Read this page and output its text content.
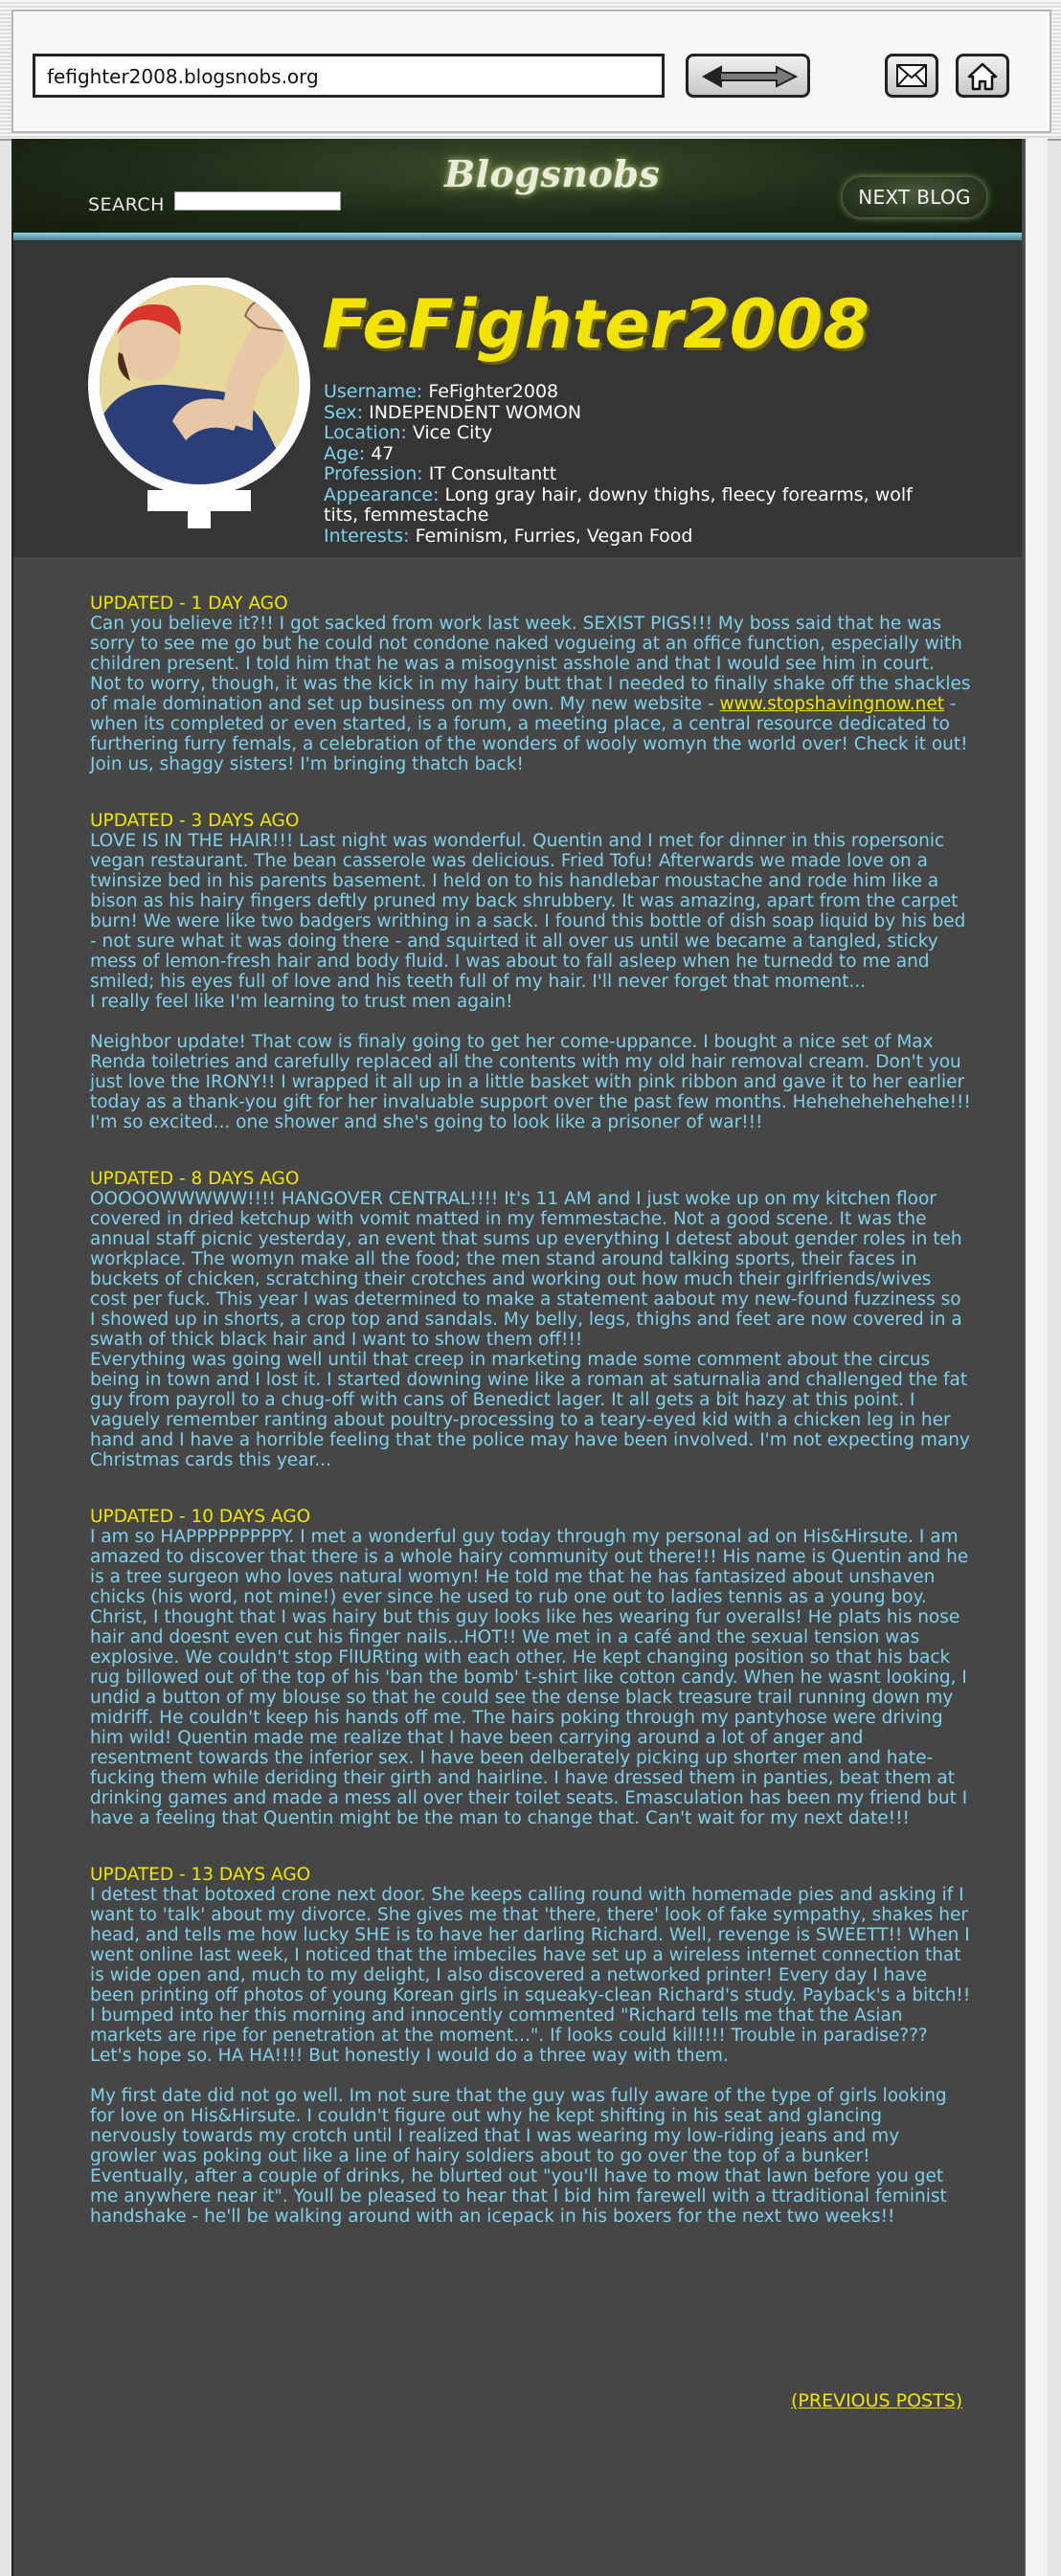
fefighter2008.blogsnobs.org
SEARCH
Blogsnobs
NEXT BLOG
FeFighter2008
Username: FeFighter2008
Sex: INDEPENDENT WOMON
Location: Vice City
Age: 47
Profession: IT Consultantt
Appearance: Long gray hair, downy thighs, fleecy forearms, wolf tits, femmestache
Interests: Feminism, Furries, Vegan Food

UPDATED - 1 DAY AGO

Can you believe it?!! I got sacked from work last week. SEXIST PIGS!!! My boss said that he was sorry to see me go but he could not condone naked vogueing at an office function, especially with children present. I told him that he was a misogynist asshole and that I would see him in court. Not to worry, though, it was the kick in my hairy butt that I needed to finally shake off the shackles of male domination and set up business on my own. My new website - www.stopshavingnow.net - when its completed or even started, is a forum, a meeting place, a central resource dedicated to furthering furry femals, a celebration of the wonders of wooly womyn the world over! Check it out! Join us, shaggy sisters! I'm bringing thatch back!

UPDATED - 3 DAYS AGO

LOVE IS IN THE HAIR!!! Last night was wonderful. Quentin and I met for dinner in this ropersonic vegan restaurant. The bean casserole was delicious. Fried Tofu! Afterwards we made love on a twinsize bed in his parents basement. I held on to his handlebar moustache and rode him like a bison as his hairy fingers deftly pruned my back shrubbery. It was amazing, apart from the carpet burn! We were like two badgers writhing in a sack. I found this bottle of dish soap liquid by his bed - not sure what it was doing there - and squirted it all over us until we became a tangled, sticky mess of lemon-fresh hair and body fluid. I was about to fall asleep when he turnedd to me and smiled; his eyes full of love and his teeth full of my hair. I'll never forget that moment...
I really feel like I'm learning to trust men again!

Neighbor update! That cow is finaly going to get her come-uppance. I bought a nice set of Max Renda toiletries and carefully replaced all the contents with my old hair removal cream. Don't you just love the IRONY!! I wrapped it all up in a little basket with pink ribbon and gave it to her earlier today as a thank-you gift for her invaluable support over the past few months. Hehehehehehehe!!! I'm so excited... one shower and she's going to look like a prisoner of war!!!

UPDATED - 8 DAYS AGO

OOOOOWWWWW!!!! HANGOVER CENTRAL!!!! It's 11 AM and I just woke up on my kitchen floor covered in dried ketchup with vomit matted in my femmestache. Not a good scene. It was the annual staff picnic yesterday, an event that sums up everything I detest about gender roles in teh workplace. The womyn make all the food; the men stand around talking sports, their faces in buckets of chicken, scratching their crotches and working out how much their girlfriends/wives cost per fuck. This year I was determined to make a statement aabout my new-found fuzziness so I showed up in shorts, a crop top and sandals. My belly, legs, thighs and feet are now covered in a swath of thick black hair and I want to show them off!!!
Everything was going well until that creep in marketing made some comment about the circus being in town and I lost it. I started downing wine like a roman at saturnalia and challenged the fat guy from payroll to a chug-off with cans of Benedict lager. It all gets a bit hazy at this point. I vaguely remember ranting about poultry-processing to a teary-eyed kid with a chicken leg in her hand and I have a horrible feeling that the police may have been involved. I'm not expecting many Christmas cards this year...

UPDATED - 10 DAYS AGO

I am so HAPPPPPPPPPY. I met a wonderful guy today through my personal ad on His&Hirsute. I am amazed to discover that there is a whole hairy community out there!!! His name is Quentin and he is a tree surgeon who loves natural womyn! He told me that he has fantasized about unshaven chicks (his word, not mine!) ever since he used to rub one out to ladies tennis as a young boy. Christ, I thought that I was hairy but this guy looks like hes wearing fur overalls! He plats his nose hair and doesnt even cut his finger nails...HOT!! We met in a café and the sexual tension was explosive. We couldn't stop FlIURting with each other. He kept changing position so that his back rug billowed out of the top of his 'ban the bomb' t-shirt like cotton candy. When he wasnt looking, I undid a button of my blouse so that he could see the dense black treasure trail running down my midriff. He couldn't keep his hands off me. The hairs poking through my pantyhose were driving him wild! Quentin made me realize that I have been carrying around a lot of anger and resentment towards the inferior sex. I have been delberately picking up shorter men and hate-fucking them while deriding their girth and hairline. I have dressed them in panties, beat them at drinking games and made a mess all over their toilet seats. Emasculation has been my friend but I have a feeling that Quentin might be the man to change that. Can't wait for my next date!!!

UPDATED - 13 DAYS AGO

I detest that botoxed crone next door. She keeps calling round with homemade pies and asking if I want to 'talk' about my divorce. She gives me that 'there, there' look of fake sympathy, shakes her head, and tells me how lucky SHE is to have her darling Richard. Well, revenge is SWEETT!! When I went online last week, I noticed that the imbeciles have set up a wireless internet connection that is wide open and, much to my delight, I also discovered a networked printer! Every day I have been printing off photos of young Korean girls in squeaky-clean Richard's study. Payback's a bitch!! I bumped into her this morning and innocently commented "Richard tells me that the Asian markets are ripe for penetration at the moment...". If looks could kill!!!! Trouble in paradise??? Let's hope so. HA HA!!!! But honestly I would do a three way with them.

My first date did not go well. Im not sure that the guy was fully aware of the type of girls looking for love on His&Hirsute. I couldn't figure out why he kept shifting in his seat and glancing nervously towards my crotch until I realized that I was wearing my low-riding jeans and my growler was poking out like a line of hairy soldiers about to go over the top of a bunker! Eventually, after a couple of drinks, he blurted out "you'll have to mow that lawn before you get me anywhere near it". Youll be pleased to hear that I bid him farewell with a ttraditional feminist handshake - he'll be walking around with an icepack in his boxers for the next two weeks!!

(PREVIOUS POSTS)
